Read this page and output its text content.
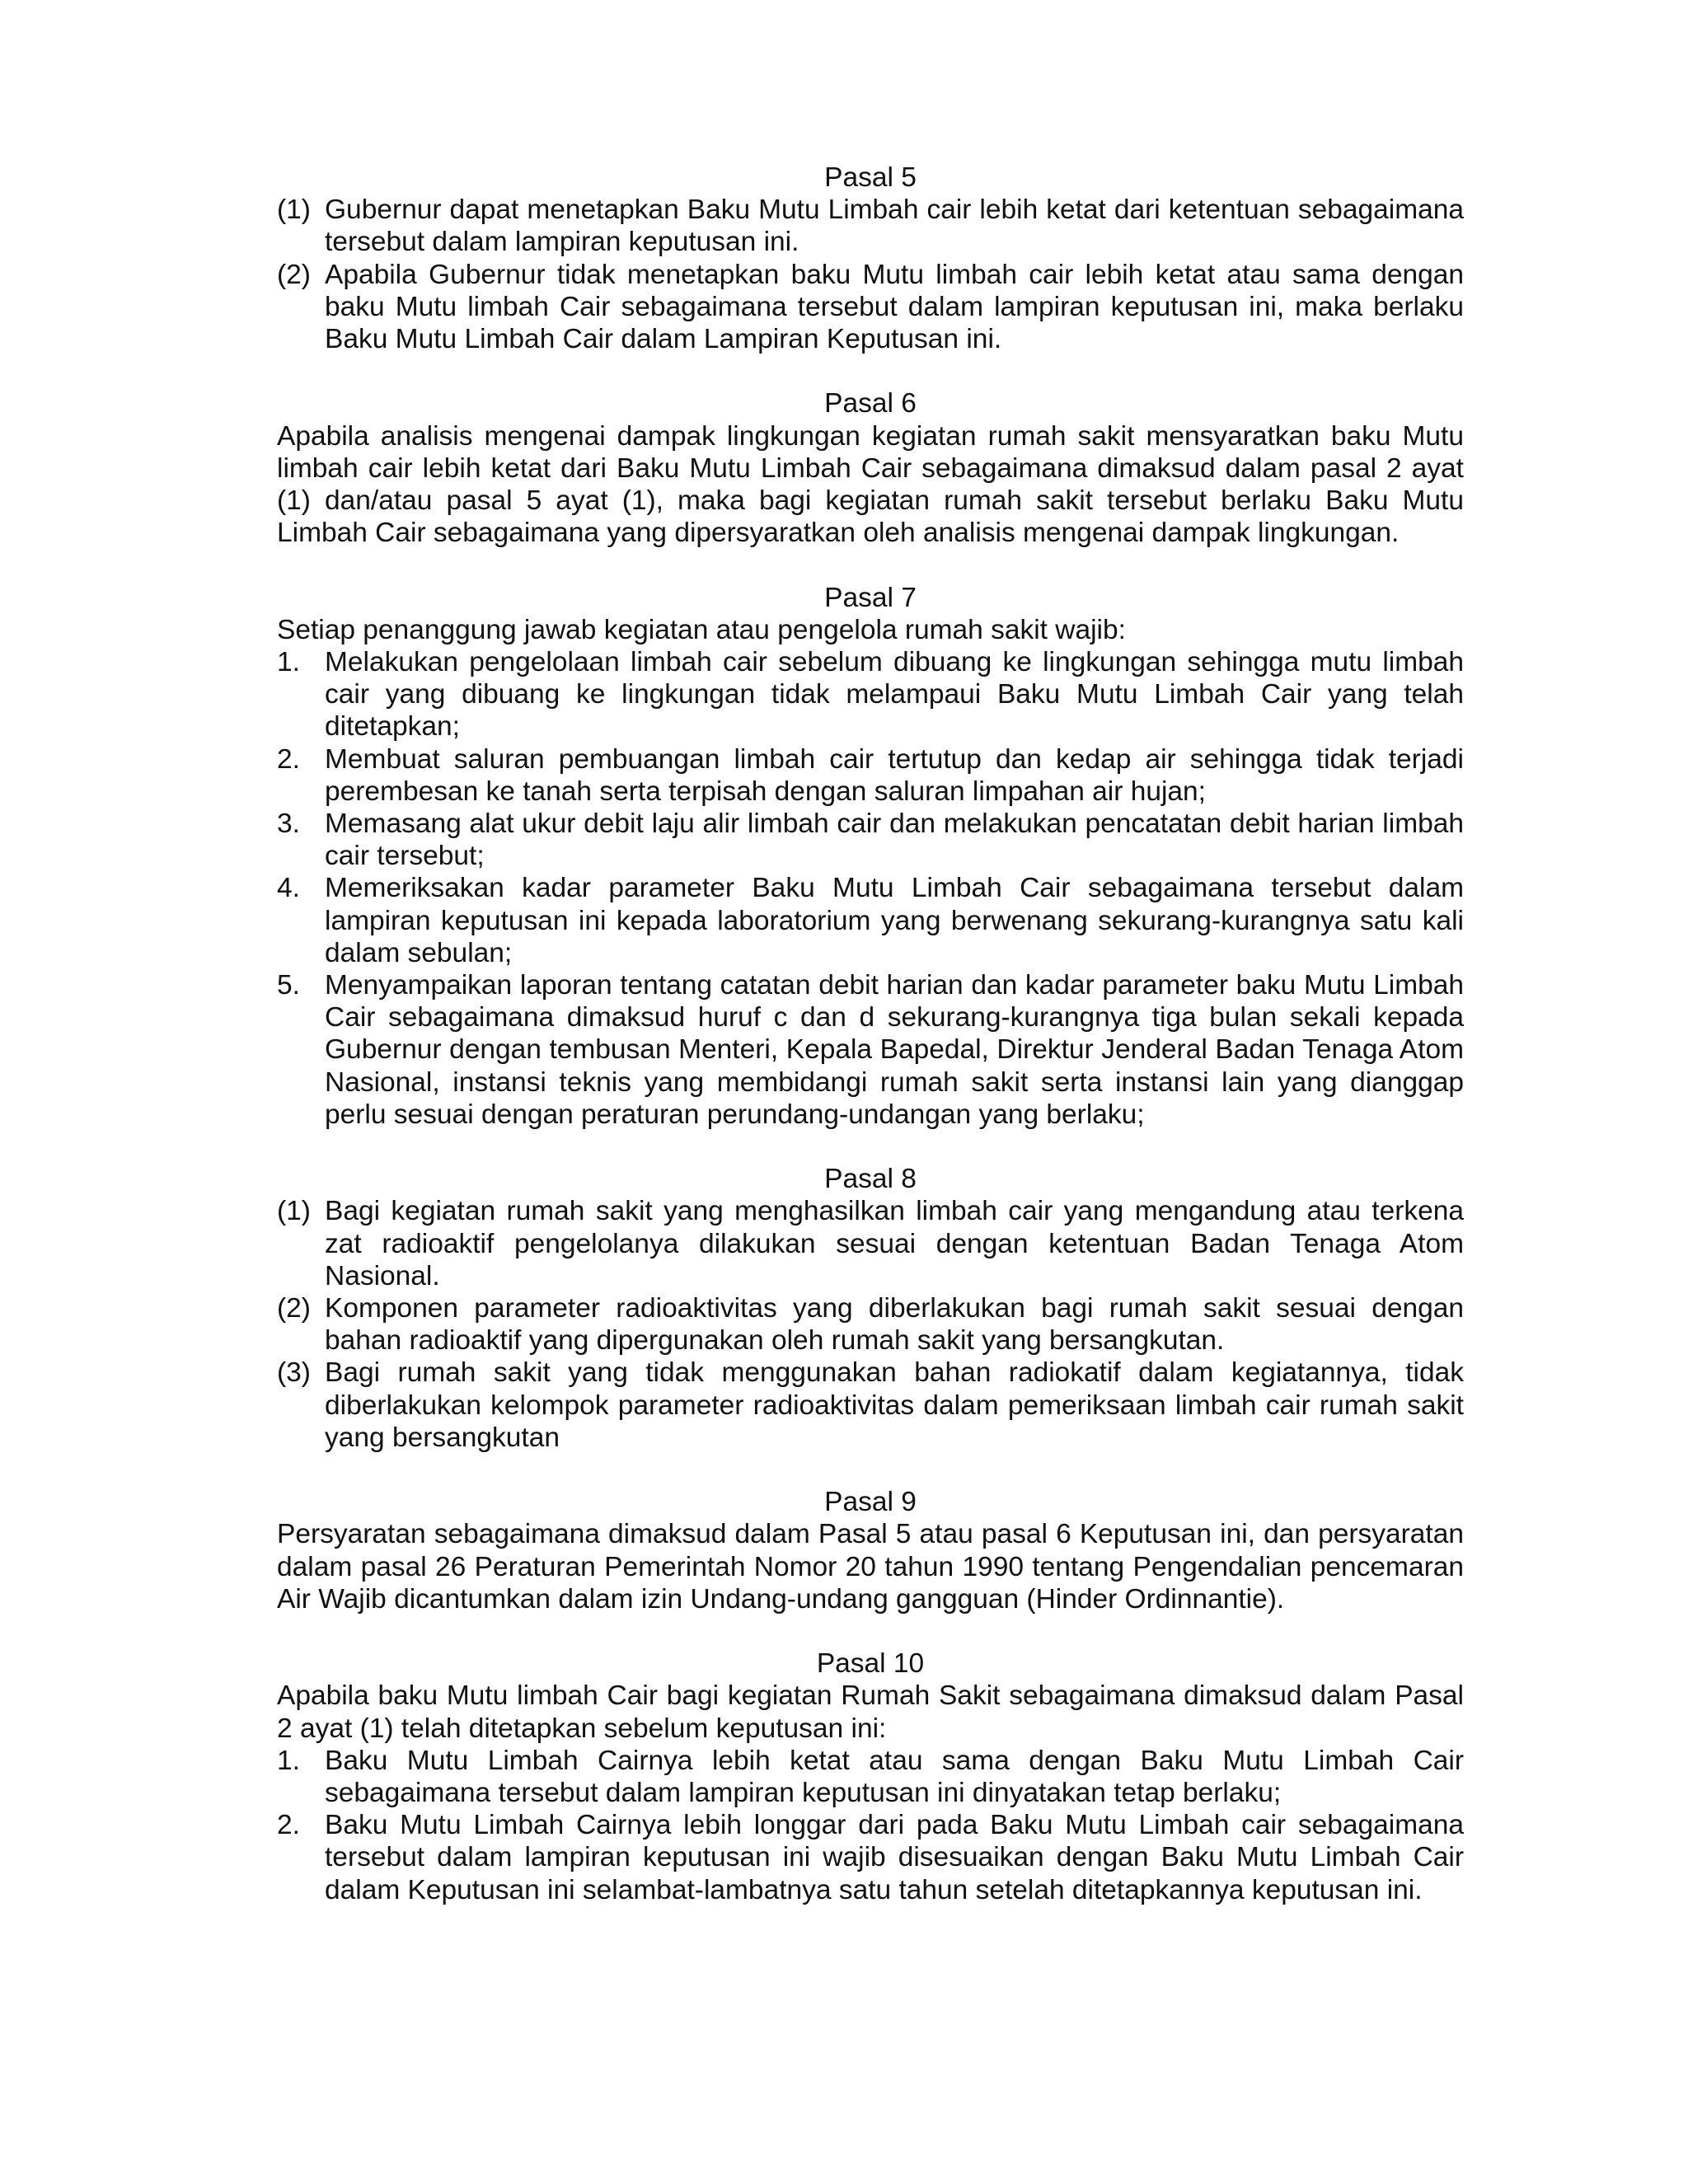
Pasal 5
(1) Gubernur dapat menetapkan Baku Mutu Limbah cair lebih ketat dari ketentuan sebagaimana tersebut dalam lampiran keputusan ini.
(2) Apabila Gubernur tidak menetapkan baku Mutu limbah cair lebih ketat atau sama dengan baku Mutu limbah Cair sebagaimana tersebut dalam lampiran keputusan ini, maka berlaku Baku Mutu Limbah Cair dalam Lampiran Keputusan ini.
Pasal 6
Apabila analisis mengenai dampak lingkungan kegiatan rumah sakit mensyaratkan baku Mutu limbah cair lebih ketat dari Baku Mutu Limbah Cair sebagaimana dimaksud dalam pasal 2 ayat (1) dan/atau pasal 5 ayat (1), maka bagi kegiatan rumah sakit tersebut berlaku Baku Mutu Limbah Cair sebagaimana yang dipersyaratkan oleh analisis mengenai dampak lingkungan.
Pasal 7
Setiap penanggung jawab kegiatan atau pengelola rumah sakit wajib:
1. Melakukan pengelolaan limbah cair sebelum dibuang ke lingkungan sehingga mutu limbah cair yang dibuang ke lingkungan tidak melampaui Baku Mutu Limbah Cair yang telah ditetapkan;
2. Membuat saluran pembuangan limbah cair tertutup dan kedap air sehingga tidak terjadi perembesan ke tanah serta terpisah dengan saluran limpahan air hujan;
3. Memasang alat ukur debit laju alir limbah cair dan melakukan pencatatan debit harian limbah cair tersebut;
4. Memeriksakan kadar parameter Baku Mutu Limbah Cair sebagaimana tersebut dalam lampiran keputusan ini kepada laboratorium yang berwenang sekurang-kurangnya satu kali dalam sebulan;
5. Menyampaikan laporan tentang catatan debit harian dan kadar parameter baku Mutu Limbah Cair sebagaimana dimaksud huruf c dan d sekurang-kurangnya tiga bulan sekali kepada Gubernur dengan tembusan Menteri, Kepala Bapedal, Direktur Jenderal Badan Tenaga Atom Nasional, instansi teknis yang membidangi rumah sakit serta instansi lain yang dianggap perlu sesuai dengan peraturan perundang-undangan yang berlaku;
Pasal 8
(1) Bagi kegiatan rumah sakit yang menghasilkan limbah cair yang mengandung atau terkena zat radioaktif pengelolanya dilakukan sesuai dengan ketentuan Badan Tenaga Atom Nasional.
(2) Komponen parameter radioaktivitas yang diberlakukan bagi rumah sakit sesuai dengan bahan radioaktif yang dipergunakan oleh rumah sakit yang bersangkutan.
(3) Bagi rumah sakit yang tidak menggunakan bahan radiokatif dalam kegiatannya, tidak diberlakukan kelompok parameter radioaktivitas dalam pemeriksaan limbah cair rumah sakit yang bersangkutan
Pasal 9
Persyaratan sebagaimana dimaksud dalam Pasal 5 atau pasal 6 Keputusan ini, dan persyaratan dalam pasal 26 Peraturan Pemerintah Nomor 20 tahun 1990 tentang Pengendalian pencemaran Air Wajib dicantumkan dalam izin Undang-undang gangguan (Hinder Ordinnantie).
Pasal 10
Apabila baku Mutu limbah Cair bagi kegiatan Rumah Sakit sebagaimana dimaksud dalam Pasal 2 ayat (1) telah ditetapkan sebelum keputusan ini:
1. Baku Mutu Limbah Cairnya lebih ketat atau sama dengan Baku Mutu Limbah Cair sebagaimana tersebut dalam lampiran keputusan ini dinyatakan tetap berlaku;
2. Baku Mutu Limbah Cairnya lebih longgar dari pada Baku Mutu Limbah cair sebagaimana tersebut dalam lampiran keputusan ini wajib disesuaikan dengan Baku Mutu Limbah Cair dalam Keputusan ini selambat-lambatnya satu tahun setelah ditetapkannya keputusan ini.
